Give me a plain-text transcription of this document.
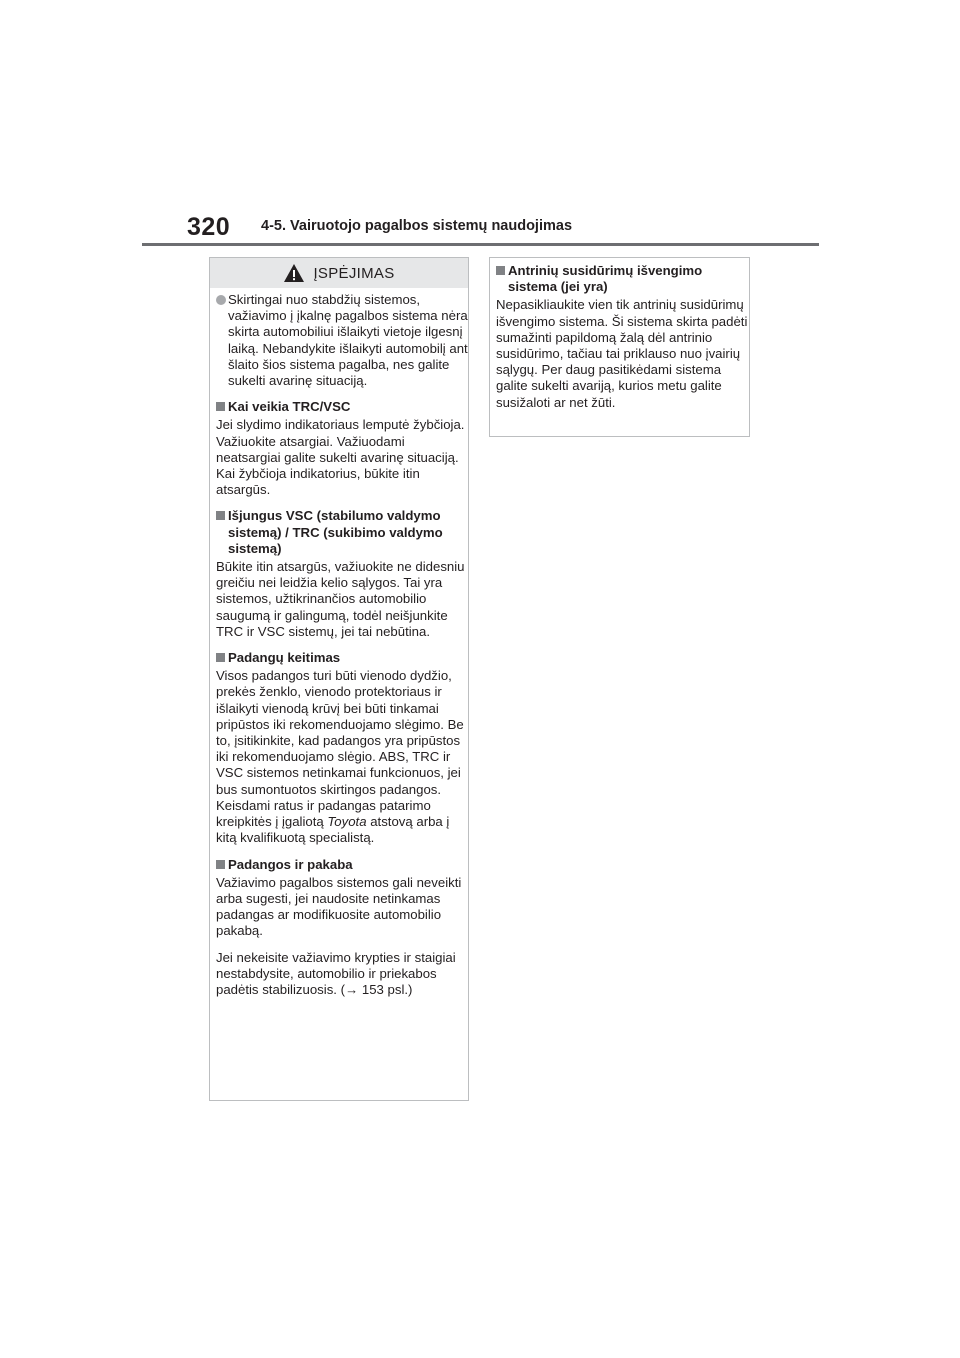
320 4-5. Vairuotojo pagalbos sistemų naudojimas
ĮSPĖJIMAS

Skirtingai nuo stabdžių sistemos, važiavimo į įkalnę pagalbos sistema nėra skirta automobiliui išlaikyti vietoje ilgesnį laiką. Nebandykite išlaikyti automobilį ant šlaito šios sistema pagalba, nes galite sukelti avarinę situaciją.

Kai veikia TRC/VSC

Jei slydimo indikatoriaus lemputė žybčioja. Važiuokite atsargiai. Važiuodami neatsargiai galite sukelti avarinę situaciją. Kai žybčioja indikatorius, būkite itin atsargūs.

Išjungus VSC (stabilumo valdymo sistemą) / TRC (sukibimo valdymo sistemą)

Būkite itin atsargūs, važiuokite ne didesniu greičiu nei leidžia kelio sąlygos. Tai yra sistemos, užtikrinančios automobilio saugumą ir galingumą, todėl neišjunkite TRC ir VSC sistemų, jei tai nebūtina.

Padangų keitimas

Visos padangos turi būti vienodo dydžio, prekės ženklo, vienodo protektoriaus ir išlaikyti vienodą krūvį bei būti tinkamai pripūstos iki rekomenduojamo slėgimo. Be to, įsitikinkite, kad padangos yra pripūstos iki rekomenduojamo slėgio. ABS, TRC ir VSC sistemos netinkamai funkcionuos, jei bus sumontuotos skirtingos padangos. Keisdami ratus ir padangas patarimo kreipkitės į įgaliotą Toyota atstovą arba į kitą kvalifikuotą specialistą.

Padangos ir pakaba

Važiavimo pagalbos sistemos gali neveikti arba sugesti, jei naudosite netinkamas padangas ar modifikuosite automobilio pakabą.

Jei nekeisite važiavimo krypties ir staigiai nestabdysite, automobilio ir priekabos padėtis stabilizuosis. (→ 153 psl.)

Antrinių susidūrimų išvengimo sistema (jei yra)

Nepasikliaukite vien tik antrinių susidūrimų išvengimo sistema. Ši sistema skirta padėti sumažinti papildomą žalą dėl antrinio susidūrimo, tačiau tai priklauso nuo įvairių sąlygų. Per daug pasitikėdami sistema galite sukelti avariją, kurios metu galite susižaloti ar net žūti.
